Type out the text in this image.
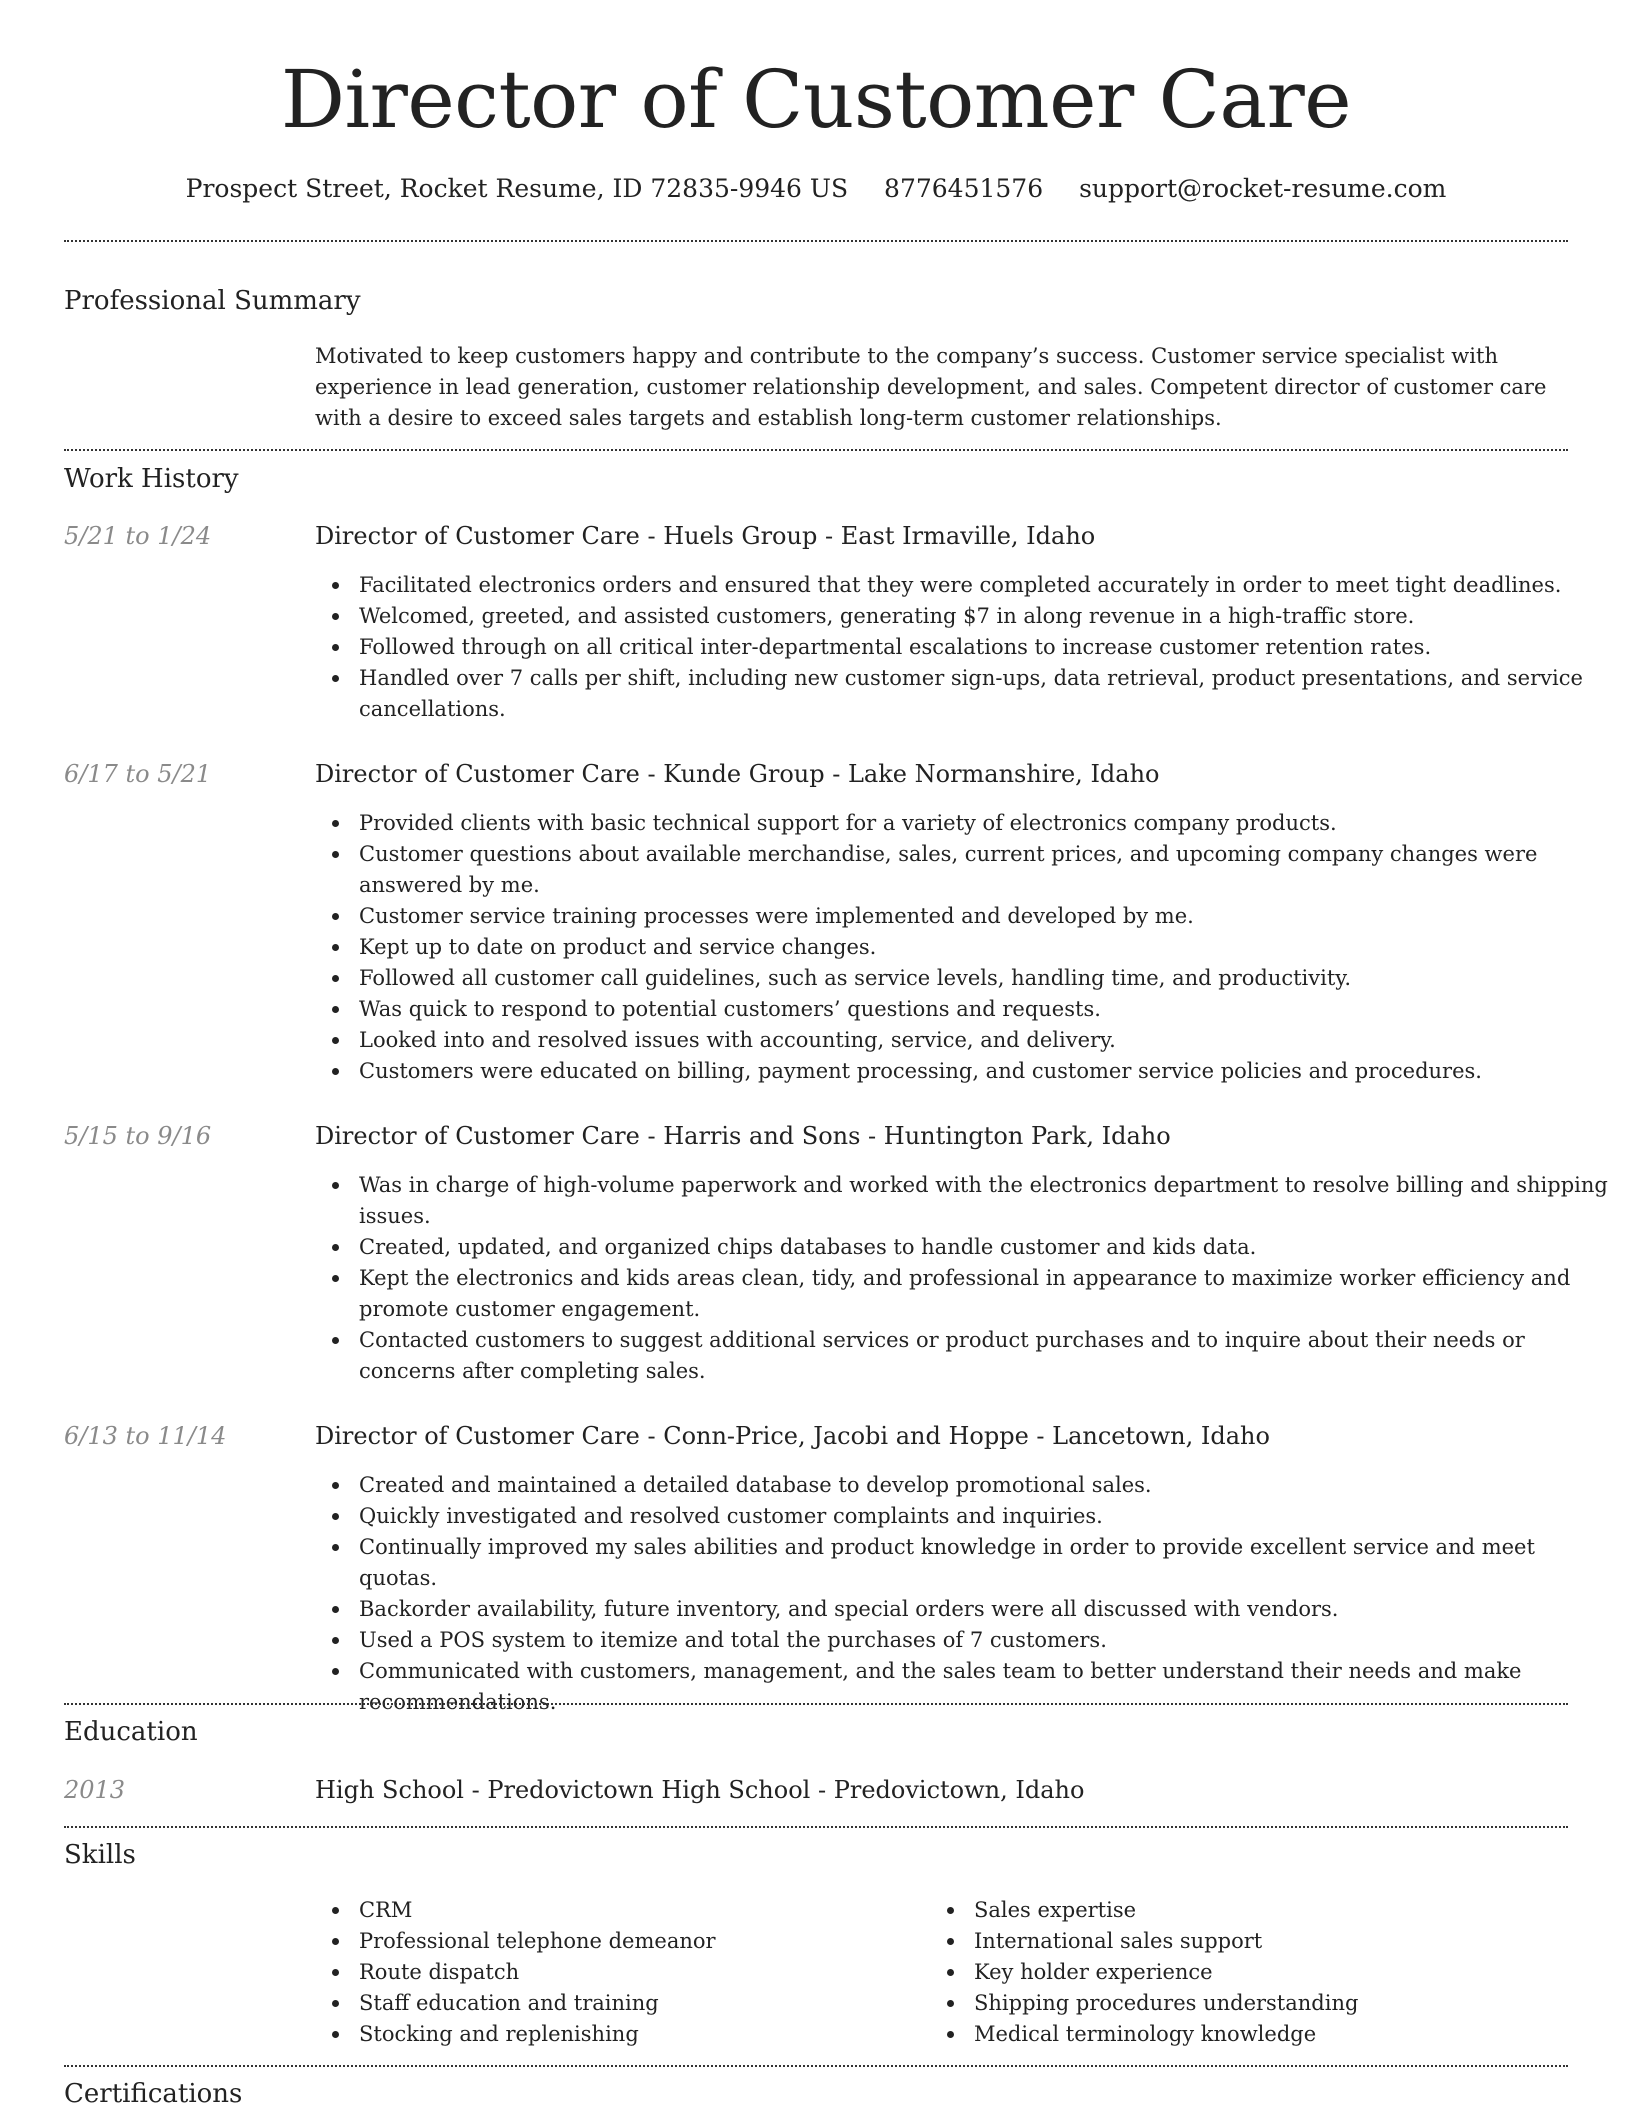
Director of Customer Care
Prospect Street, Rocket Resume, ID 72835-9946 US 8776451576 support@rocket-resume.com
Professional Summary
Motivated to keep customers happy and contribute to the company’s success. Customer service specialist with experience in lead generation, customer relationship development, and sales. Competent director of customer care with a desire to exceed sales targets and establish long-term customer relationships.
Work History
5/21 to 1/24	Director of Customer Care - Huels Group - East Irmaville, Idaho
Facilitated electronics orders and ensured that they were completed accurately in order to meet tight deadlines.
Welcomed, greeted, and assisted customers, generating $7 in along revenue in a high-traffic store.
Followed through on all critical inter-departmental escalations to increase customer retention rates.
Handled over 7 calls per shift, including new customer sign-ups, data retrieval, product presentations, and service cancellations.
6/17 to 5/21	Director of Customer Care - Kunde Group - Lake Normanshire, Idaho
Provided clients with basic technical support for a variety of electronics company products.
Customer questions about available merchandise, sales, current prices, and upcoming company changes were answered by me.
Customer service training processes were implemented and developed by me.
Kept up to date on product and service changes.
Followed all customer call guidelines, such as service levels, handling time, and productivity.
Was quick to respond to potential customers’ questions and requests.
Looked into and resolved issues with accounting, service, and delivery.
Customers were educated on billing, payment processing, and customer service policies and procedures.
5/15 to 9/16	Director of Customer Care - Harris and Sons - Huntington Park, Idaho
Was in charge of high-volume paperwork and worked with the electronics department to resolve billing and shipping issues.
Created, updated, and organized chips databases to handle customer and kids data.
Kept the electronics and kids areas clean, tidy, and professional in appearance to maximize worker efficiency and promote customer engagement.
Contacted customers to suggest additional services or product purchases and to inquire about their needs or concerns after completing sales.
6/13 to 11/14	Director of Customer Care - Conn-Price, Jacobi and Hoppe - Lancetown, Idaho
Created and maintained a detailed database to develop promotional sales.
Quickly investigated and resolved customer complaints and inquiries.
Continually improved my sales abilities and product knowledge in order to provide excellent service and meet quotas.
Backorder availability, future inventory, and special orders were all discussed with vendors.
Used a POS system to itemize and total the purchases of 7 customers.
Communicated with customers, management, and the sales team to better understand their needs and make recommendations.
Education
2013	High School - Predovictown High School - Predovictown, Idaho
Skills
CRM
Professional telephone demeanor
Route dispatch
Staff education and training
Stocking and replenishing
Sales expertise
International sales support
Key holder experience
Shipping procedures understanding
Medical terminology knowledge
Certifications
